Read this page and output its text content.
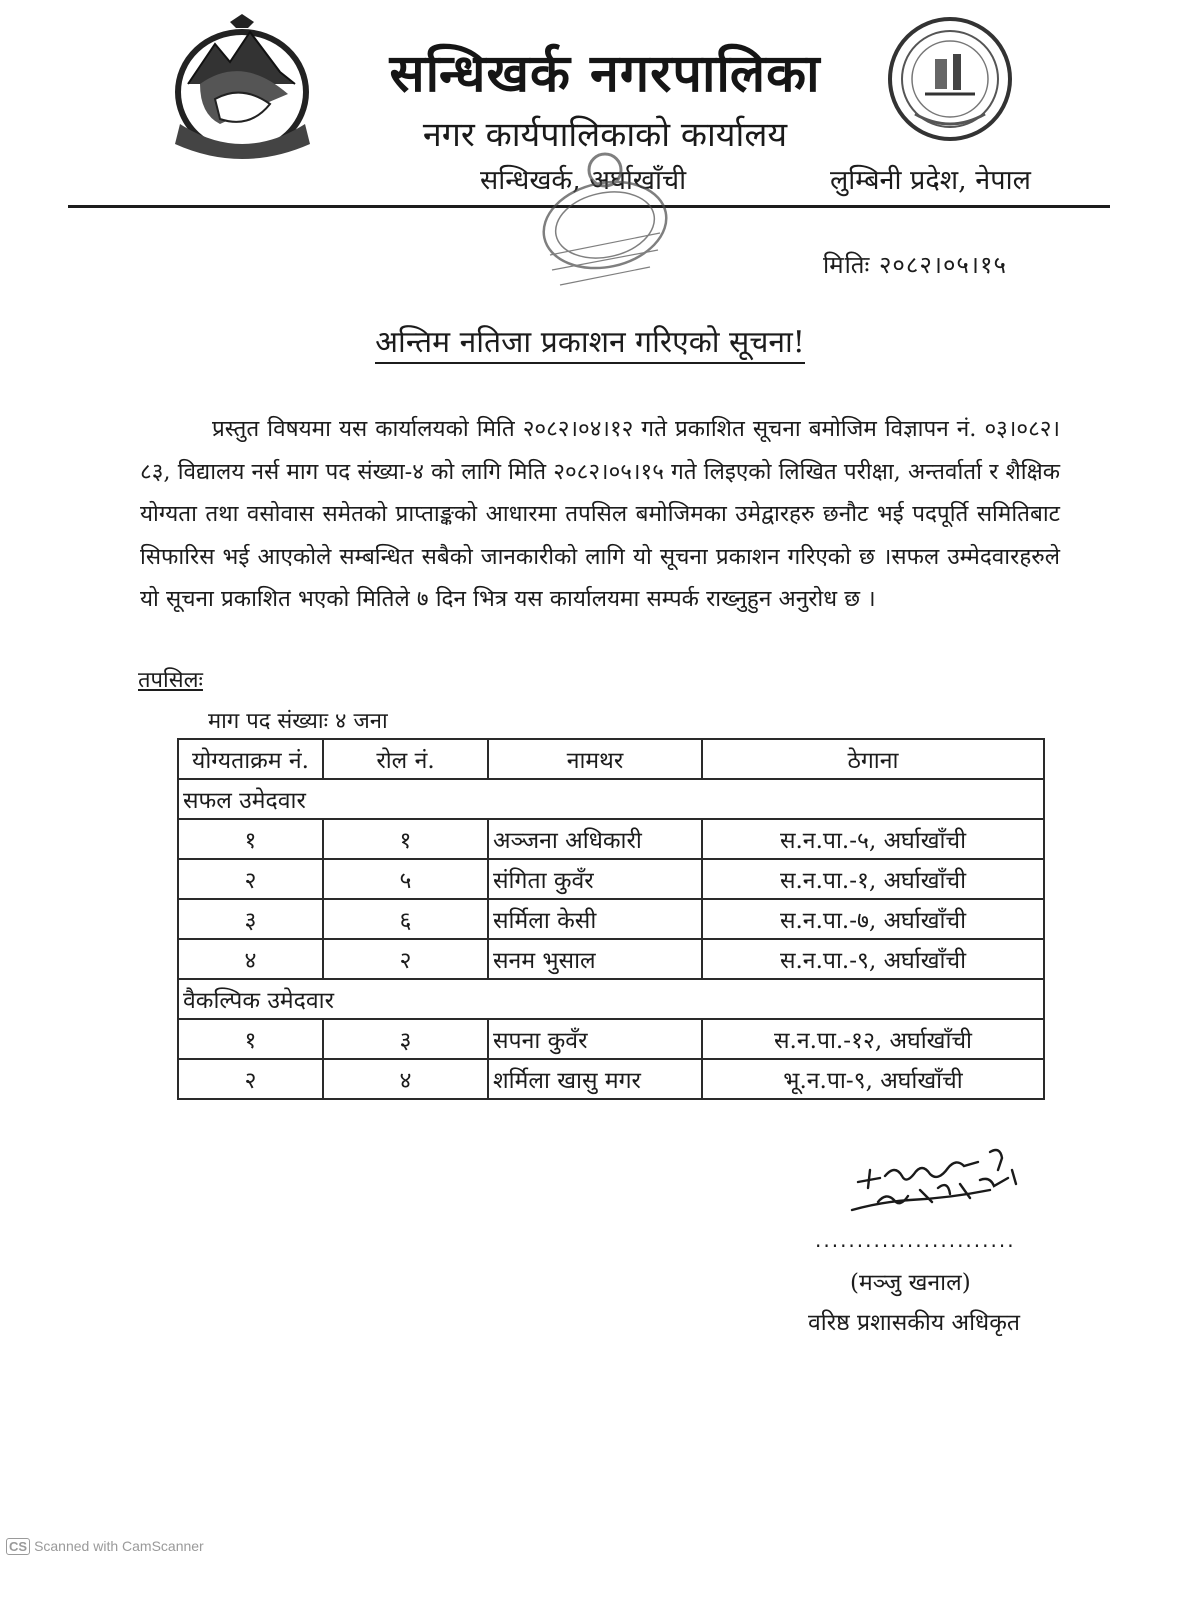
सन्धिखर्क नगरपालिका
नगर कार्यपालिकाको कार्यालय
सन्धिखर्क, अर्घाखाँची	लुम्बिनी प्रदेश, नेपाल
मितिः २०८२।०५।१५
अन्तिम नतिजा प्रकाशन गरिएको सूचना!
प्रस्तुत विषयमा यस कार्यालयको मिति २०८२।०४।१२ गते प्रकाशित सूचना बमोजिम विज्ञापन नं. ०३।०८२।८३, विद्यालय नर्स माग पद संख्या-४ को लागि मिति २०८२।०५।१५ गते लिइएको लिखित परीक्षा, अन्तर्वार्ता र शैक्षिक योग्यता तथा वसोवास समेतको प्राप्ताङ्कको आधारमा तपसिल बमोजिमका उमेद्वारहरु छनौट भई पदपूर्ति समितिबाट सिफारिस भई आएकोले सम्बन्धित सबैको जानकारीको लागि यो सूचना प्रकाशन गरिएको छ ।सफल उम्मेदवारहरुले यो सूचना प्रकाशित भएको मितिले ७ दिन भित्र यस कार्यालयमा सम्पर्क राख्नुहुन अनुरोध छ ।
तपसिलः
माग पद संख्याः ४ जना
योग्यताक्रम नं.	रोल नं.	नामथर	ठेगाना
सफल उमेदवार			
१	१	अञ्जना अधिकारी	स.न.पा.-५, अर्घाखाँची
२	५	संगिता कुवँर	स.न.पा.-१, अर्घाखाँची
३	६	सर्मिला केसी	स.न.पा.-७, अर्घाखाँची
४	२	सनम भुसाल	स.न.पा.-९, अर्घाखाँची
वैकल्पिक उमेदवार			
१	३	सपना कुवँर	स.न.पा.-१२, अर्घाखाँची
२	४	शर्मिला खासु मगर	भू.न.पा-९, अर्घाखाँची
........................
(मञ्जु खनाल)
वरिष्ठ प्रशासकीय अधिकृत
CS Scanned with CamScanner
